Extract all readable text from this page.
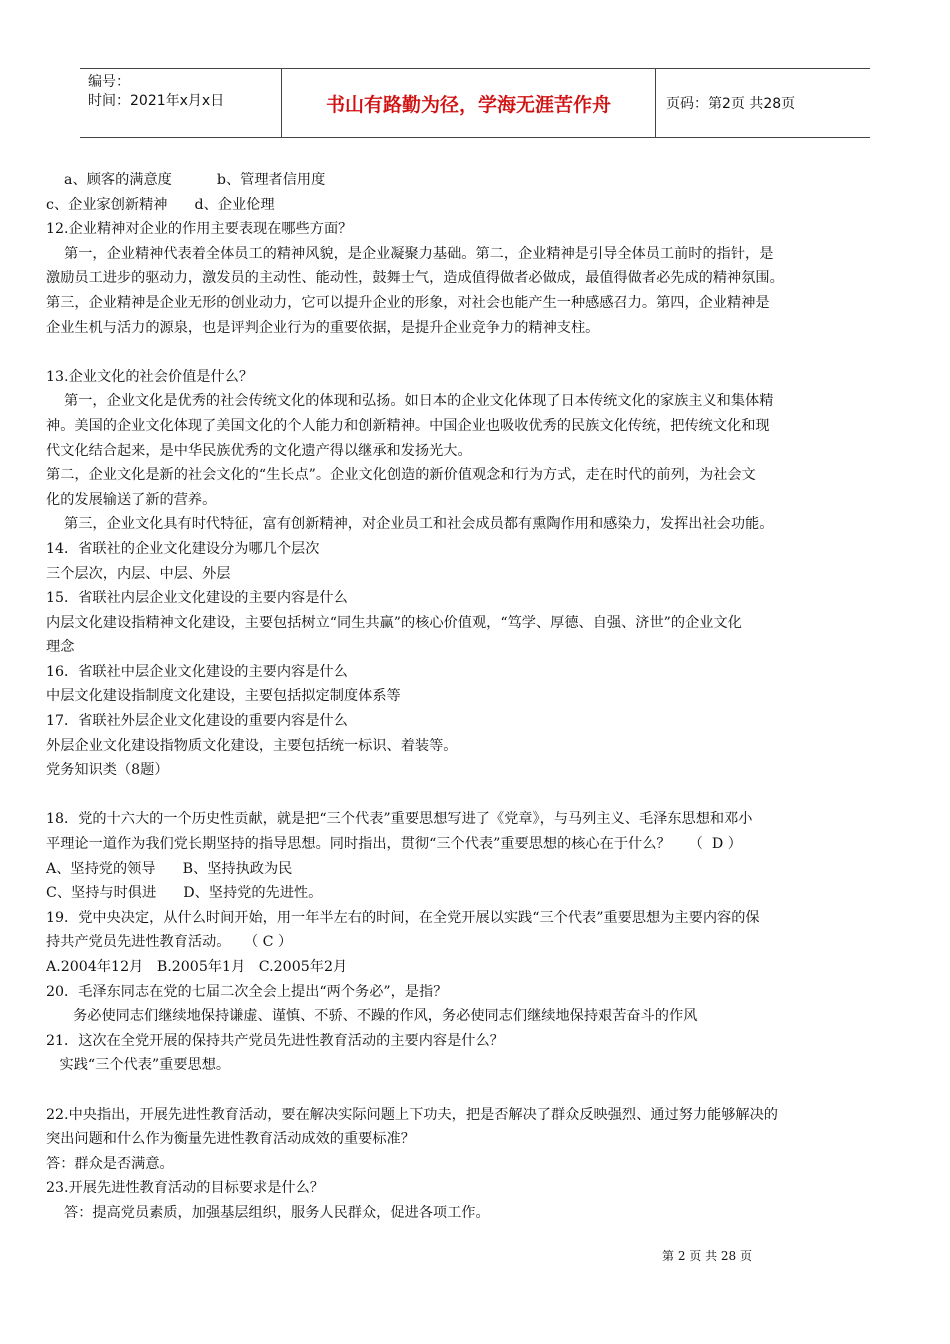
编号：
时间：2021年x月x日	书山有路勤为径，学海无涯苦作舟	页码：第2页 共28页

a、顾客的满意度          b、管理者信用度

c、企业家创新精神      d、企业伦理

12.企业精神对企业的作用主要表现在哪些方面？

第一，企业精神代表着全体员工的精神风貌，是企业凝聚力基础。第二，企业精神是引导全体员工前时的指针，是

激励员工进步的驱动力，激发员的主动性、能动性，鼓舞士气，造成值得做者必做成，最值得做者必先成的精神氛围。

第三，企业精神是企业无形的创业动力，它可以提升企业的形象，对社会也能产生一种感感召力。第四，企业精神是

企业生机与活力的源泉，也是评判企业行为的重要依据，是提升企业竞争力的精神支柱。

13.企业文化的社会价值是什么？

第一，企业文化是优秀的社会传统文化的体现和弘扬。如日本的企业文化体现了日本传统文化的家族主义和集体精

神。美国的企业文化体现了美国文化的个人能力和创新精神。中国企业也吸收优秀的民族文化传统，把传统文化和现

代文化结合起来，是中华民族优秀的文化遗产得以继承和发扬光大。

第二，企业文化是新的社会文化的“生长点”。企业文化创造的新价值观念和行为方式，走在时代的前列，为社会文

化的发展输送了新的营养。

第三，企业文化具有时代特征，富有创新精神，对企业员工和社会成员都有熏陶作用和感染力，发挥出社会功能。

14．省联社的企业文化建设分为哪几个层次

三个层次，内层、中层、外层

15．省联社内层企业文化建设的主要内容是什么

内层文化建设指精神文化建设，主要包括树立“同生共赢”的核心价值观，“笃学、厚德、自强、济世”的企业文化

理念

16．省联社中层企业文化建设的主要内容是什么

中层文化建设指制度文化建设，主要包括拟定制度体系等

17．省联社外层企业文化建设的重要内容是什么

外层企业文化建设指物质文化建设，主要包括统一标识、着装等。

党务知识类（8题）

18．党的十六大的一个历史性贡献，就是把“三个代表”重要思想写进了《党章》，与马列主义、毛泽东思想和邓小

平理论一道作为我们党长期坚持的指导思想。同时指出，贯彻“三个代表”重要思想的核心在于什么？    （  D ）

A、坚持党的领导      B、坚持执政为民

C、坚持与时俱进      D、坚持党的先进性。

19．党中央决定，从什么时间开始，用一年半左右的时间，在全党开展以实践“三个代表”重要思想为主要内容的保

持共产党员先进性教育活动。   （ C ）

A.2004年12月   B.2005年1月   C.2005年2月

20．毛泽东同志在党的七届二次全会上提出“两个务必”，是指？

务必使同志们继续地保持谦虚、谨慎、不骄、不躁的作风，务必使同志们继续地保持艰苦奋斗的作风

21．这次在全党开展的保持共产党员先进性教育活动的主要内容是什么？

实践“三个代表”重要思想。

22.中央指出，开展先进性教育活动，要在解决实际问题上下功夫，把是否解决了群众反映强烈、通过努力能够解决的

突出问题和什么作为衡量先进性教育活动成效的重要标准？

答：群众是否满意。

23.开展先进性教育活动的目标要求是什么？

答：提高党员素质，加强基层组织，服务人民群众，促进各项工作。

第 2 页 共 28 页
